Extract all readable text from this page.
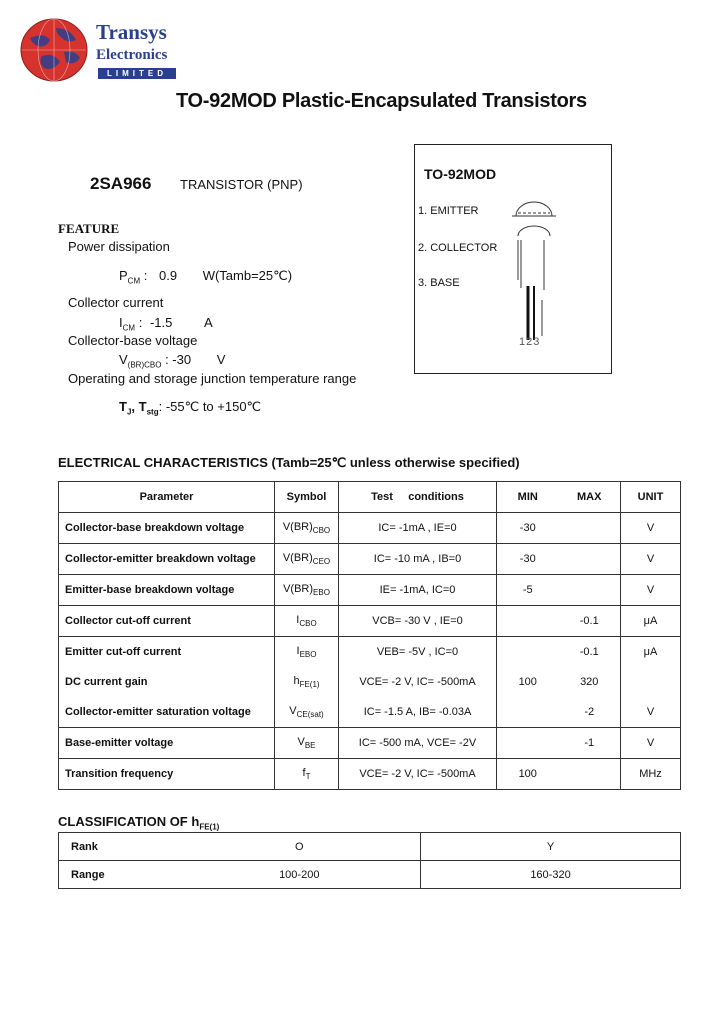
Transys
Electronics
LIMITED
TO-92MOD Plastic-Encapsulated Transistors
2SA966 TRANSISTOR (PNP)
FEATURE
Power dissipation
$P_{CM}$ : 0.9 W(Tamb=25℃)
Collector current
$I_{CM}$ : -1.5 A
Collector-base voltage
$V_{(BR)CBO}$ : -30 V
Operating and storage junction temperature range
$T_J$, $T_{stg}$: -55℃ to +150℃
TO-92MOD
1. EMITTER
2. COLLECTOR
3. BASE
123
ELECTRICAL CHARACTERISTICS (Tamb=25℃ unless otherwise specified)
Parameter	Symbol	Test     conditions	MIN	MAX	UNIT
Collector-base breakdown voltage	$V(BR)_{CBO}$	IC= -1mA , IE=0	-30		V
Collector-emitter breakdown voltage	$V(BR)_{CEO}$	IC= -10 mA , IB=0	-30		V
Emitter-base breakdown voltage	$V(BR)_{EBO}$	IE= -1mA, IC=0	-5		V
Collector cut-off current	$I_{CBO}$	VCB= -30 V , IE=0		-0.1	μA
Emitter cut-off current	$I_{EBO}$	VEB= -5V , IC=0		-0.1	μA
DC current gain	$h_{FE(1)}$	VCE= -2 V, IC= -500mA	100	320	
Collector-emitter saturation voltage	$V_{CE(sat)}$	IC= -1.5 A, IB= -0.03A		-2	V
Base-emitter voltage	$V_{BE}$	IC= -500 mA, VCE= -2V		-1	V
Transition frequency	$f_T$	VCE= -2 V, IC= -500mA	100		MHz
CLASSIFICATION OF $h_{FE(1)}$
Rank	O	Y
Range	100-200	160-320
